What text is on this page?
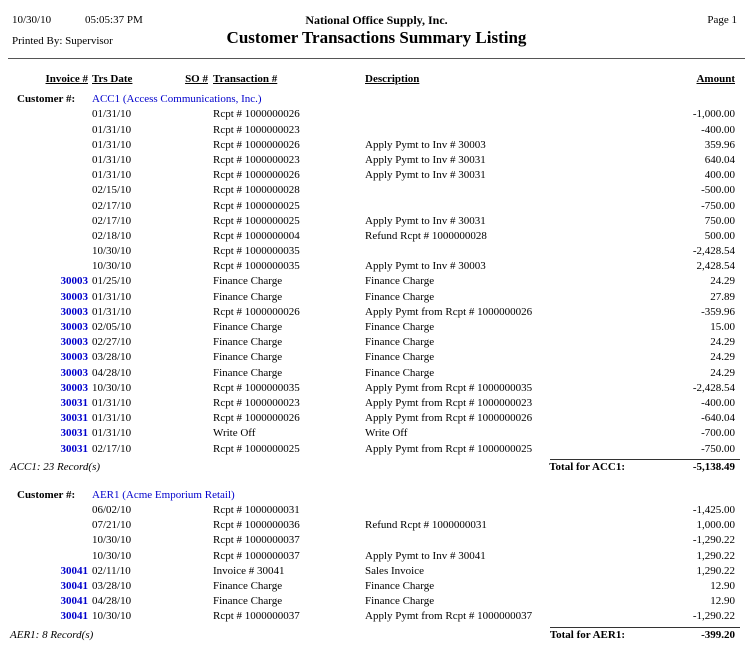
10/30/10	05:05:37 PM	National Office Supply, Inc.	Page 1
Printed By: Supervisor	Customer Transactions Summary Listing
Invoice # Trs Date	SO # Transaction #	Description	Amount
Customer #: ACC1 (Access Communications, Inc.)
01/31/10	Rcpt # 1000000026	-1,000.00
01/31/10	Rcpt # 1000000023	-400.00
01/31/10	Rcpt # 1000000026	Apply Pymt to Inv # 30003	359.96
01/31/10	Rcpt # 1000000023	Apply Pymt to Inv # 30031	640.04
01/31/10	Rcpt # 1000000026	Apply Pymt to Inv # 30031	400.00
02/15/10	Rcpt # 1000000028	-500.00
02/17/10	Rcpt # 1000000025	-750.00
02/17/10	Rcpt # 1000000025	Apply Pymt to Inv # 30031	750.00
02/18/10	Rcpt # 1000000004	Refund Rcpt # 1000000028	500.00
10/30/10	Rcpt # 1000000035	-2,428.54
10/30/10	Rcpt # 1000000035	Apply Pymt to Inv # 30003	2,428.54
30003 01/25/10	Finance Charge	Finance Charge	24.29
30003 01/31/10	Finance Charge	Finance Charge	27.89
30003 01/31/10	Rcpt # 1000000026	Apply Pymt from Rcpt # 1000000026	-359.96
30003 02/05/10	Finance Charge	Finance Charge	15.00
30003 02/27/10	Finance Charge	Finance Charge	24.29
30003 03/28/10	Finance Charge	Finance Charge	24.29
30003 04/28/10	Finance Charge	Finance Charge	24.29
30003 10/30/10	Rcpt # 1000000035	Apply Pymt from Rcpt # 1000000035	-2,428.54
30031 01/31/10	Rcpt # 1000000023	Apply Pymt from Rcpt # 1000000023	-400.00
30031 01/31/10	Rcpt # 1000000026	Apply Pymt from Rcpt # 1000000026	-640.04
30031 01/31/10	Write Off	Write Off	-700.00
30031 02/17/10	Rcpt # 1000000025	Apply Pymt from Rcpt # 1000000025	-750.00
ACC1: 23 Record(s)	Total for ACC1:	-5,138.49
Customer #: AER1 (Acme Emporium Retail)
06/02/10	Rcpt # 1000000031	-1,425.00
07/21/10	Rcpt # 1000000036	Refund Rcpt # 1000000031	1,000.00
10/30/10	Rcpt # 1000000037	-1,290.22
10/30/10	Rcpt # 1000000037	Apply Pymt to Inv # 30041	1,290.22
30041 02/11/10	Invoice # 30041	Sales Invoice	1,290.22
30041 03/28/10	Finance Charge	Finance Charge	12.90
30041 04/28/10	Finance Charge	Finance Charge	12.90
30041 10/30/10	Rcpt # 1000000037	Apply Pymt from Rcpt # 1000000037	-1,290.22
AER1: 8 Record(s)	Total for AER1:	-399.20
